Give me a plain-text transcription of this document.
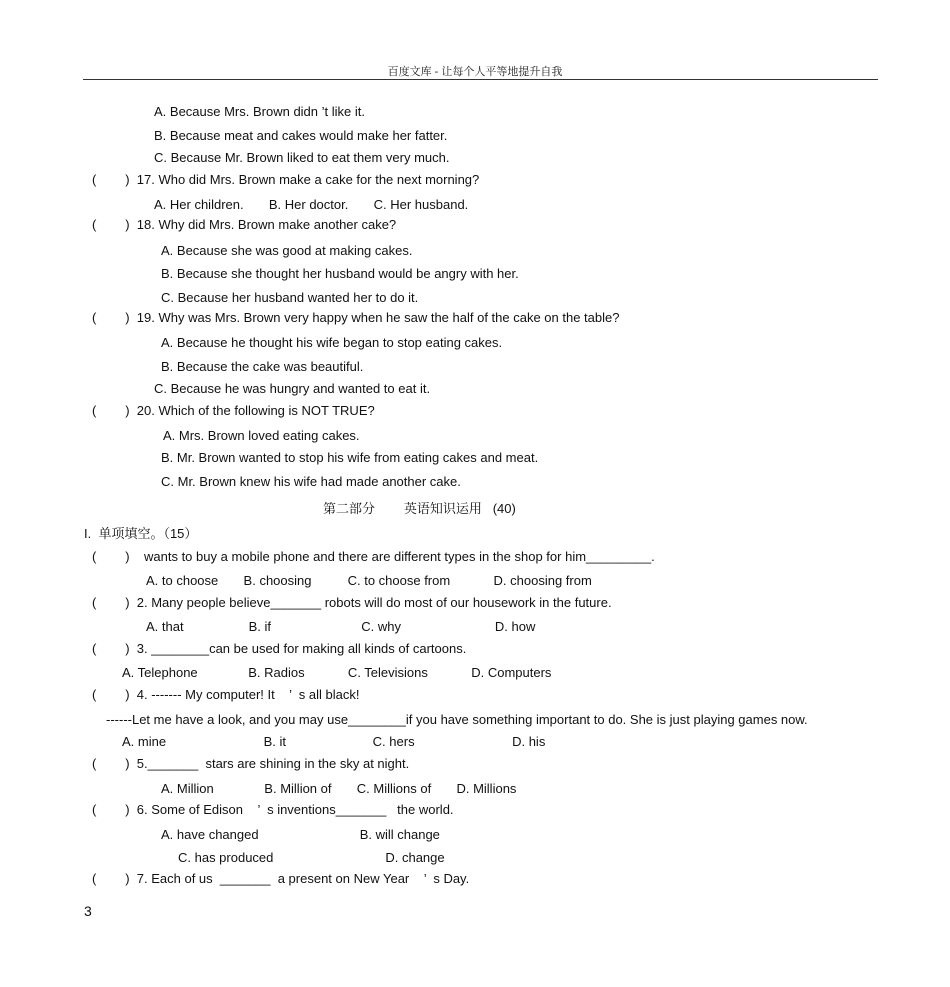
百度文库 - 让每个人平等地提升自我
A. Because Mrs. Brown didn ’t like it.
B. Because meat and cakes would make her fatter.
C. Because Mr. Brown liked to eat them very much.
(        )  17. Who did Mrs. Brown make a cake for the next morning?
A. Her children.       B. Her doctor.       C. Her husband.
(        )  18. Why did Mrs. Brown make another cake?
A. Because she was good at making cakes.
B. Because she thought her husband would be angry with her.
C. Because her husband wanted her to do it.
(        )  19. Why was Mrs. Brown very happy when he saw the half of the cake on the table?
A. Because he thought his wife began to stop eating cakes.
B. Because the cake was beautiful.
C. Because he was hungry and wanted to eat it.
(        )  20. Which of the following is NOT TRUE?
A. Mrs. Brown loved eating cakes.
B. Mr. Brown wanted to stop his wife from eating cakes and meat.
C. Mr. Brown knew his wife had made another cake.
第二部分        英语知识运用   (40)
I.  单项填空。（15）
(        )    wants to buy a mobile phone and there are different types in the shop for him_________.
A. to choose       B. choosing          C. to choose from            D. choosing from
(        )  2. Many people believe_______ robots will do most of our housework in the future.
A. that                  B. if                         C. why                          D. how
(        )  3. ________can be used for making all kinds of cartoons.
A. Telephone              B. Radios            C. Televisions            D. Computers
(        )  4. ------- My computer! It    ’  s all black!
------Let me have a look, and you may use________if you have something important to do. She is just playing games now.
A. mine                           B. it                        C. hers                           D. his
(        )  5._______  stars are shining in the sky at night.
A. Million              B. Million of       C. Millions of       D. Millions
(        )  6. Some of Edison    ’  s inventions_______   the world.
A. have changed                            B. will change
C. has produced                               D. change
(        )  7. Each of us  _______  a present on New Year    ’  s Day.
3
